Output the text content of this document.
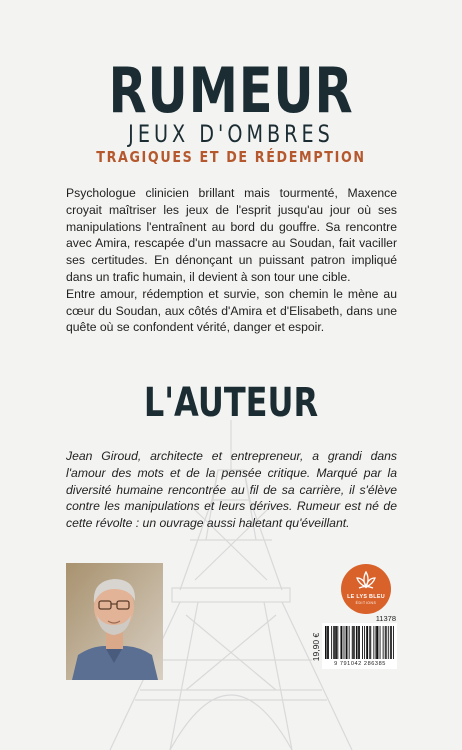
RUMEUR
JEUX D'OMBRES
TRAGIQUES ET DE RÉDEMPTION

Psychologue clinicien brillant mais tourmenté, Maxence croyait maîtriser les jeux de l'esprit jusqu'au jour où ses manipulations l'entraînent au bord du gouffre. Sa rencontre avec Amira, rescapée d'un massacre au Soudan, fait vaciller ses certitudes. En dénonçant un puissant patron impliqué dans un trafic humain, il devient à son tour une cible.

Entre amour, rédemption et survie, son chemin le mène au cœur du Soudan, aux côtés d'Amira et d'Elisabeth, dans une quête où se confondent vérité, danger et espoir.

L'AUTEUR
Jean Giroud, architecte et entrepreneur, a grandi dans l'amour des mots et de la pensée critique. Marqué par la diversité humaine rencontrée au fil de sa carrière, il s'élève contre les manipulations et leurs dérives. Rumeur est né de cette révolte : un ouvrage aussi haletant qu'éveillant.
LE LYS BLEU
ÉDITIONS
11378
19,90 €
9 791042 286385
